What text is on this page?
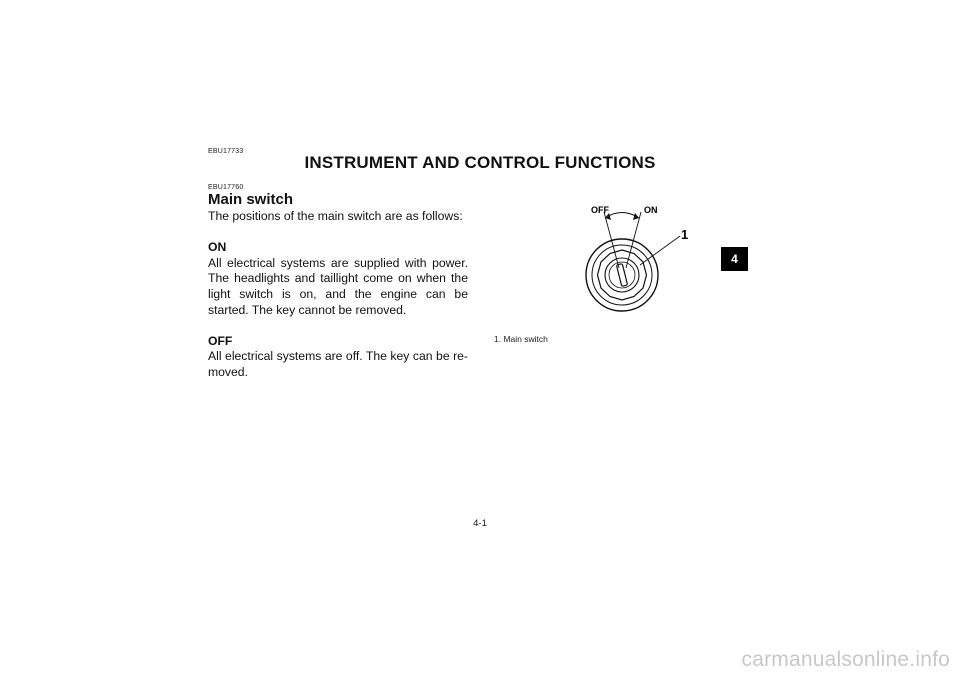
EBU17733
INSTRUMENT AND CONTROL FUNCTIONS
EBU17760
Main switch

The positions of the main switch are as follows:

ON

All electrical systems are supplied with power. The headlights and taillight come on when the light switch is on, and the engine can be started. The key cannot be removed.

OFF

All electrical systems are off. The key can be re-moved.

4
OFF	ON
1
1. Main switch
4-1
carmanualsonline.info
